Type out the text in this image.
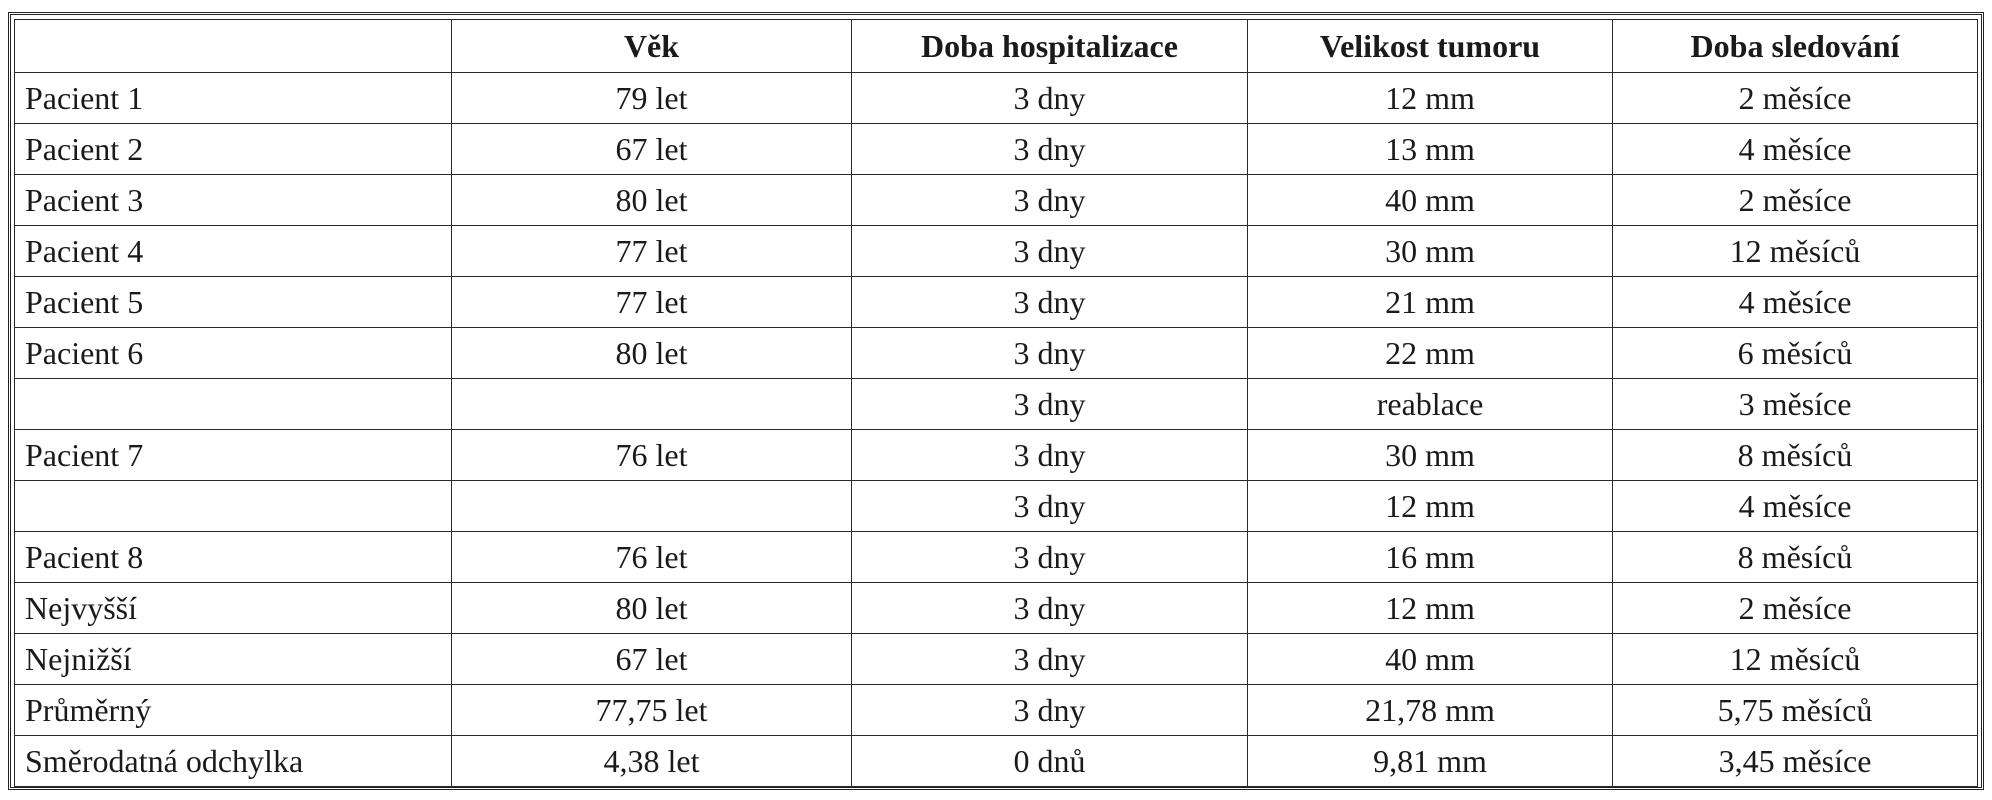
	Věk	Doba hospitalizace	Velikost tumoru	Doba sledování
Pacient 1	79 let	3 dny	12 mm	2 měsíce
Pacient 2	67 let	3 dny	13 mm	4 měsíce
Pacient 3	80 let	3 dny	40 mm	2 měsíce
Pacient 4	77 let	3 dny	30 mm	12 měsíců
Pacient 5	77 let	3 dny	21 mm	4 měsíce
Pacient 6	80 let	3 dny	22 mm	6 měsíců
		3 dny	reablace	3 měsíce
Pacient 7	76 let	3 dny	30 mm	8 měsíců
		3 dny	12 mm	4 měsíce
Pacient 8	76 let	3 dny	16 mm	8 měsíců
Nejvyšší	80 let	3 dny	12 mm	2 měsíce
Nejnižší	67 let	3 dny	40 mm	12 měsíců
Průměrný	77,75 let	3 dny	21,78 mm	5,75 měsíců
Směrodatná odchylka	4,38 let	0 dnů	9,81 mm	3,45 měsíce
